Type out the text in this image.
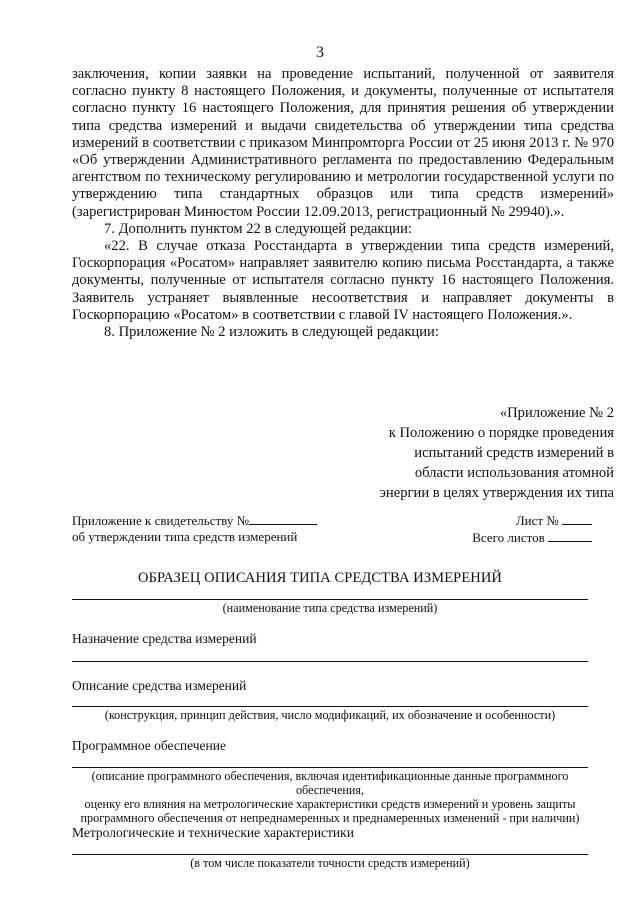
3

заключения, копии заявки на проведение испытаний, полученной от заявителя согласно пункту 8 настоящего Положения, и документы, полученные от испытателя согласно пункту 16 настоящего Положения, для принятия решения об утверждении типа средства измерений и выдачи свидетельства об утверждении типа средства измерений в соответствии с приказом Минпромторга России от 25 июня 2013 г. № 970 «Об утверждении Административного регламента по предоставлению Федеральным агентством по техническому регулированию и метрологии государственной услуги по утверждению типа стандартных образцов или типа средств измерений» (зарегистрирован Минюстом России 12.09.2013, регистрационный № 29940).».

7. Дополнить пунктом 22 в следующей редакции:

«22. В случае отказа Росстандарта в утверждении типа средств измерений, Госкорпорация «Росатом» направляет заявителю копию письма Росстандарта, а также документы, полученные от испытателя согласно пункту 16 настоящего Положения. Заявитель устраняет выявленные несоответствия и направляет документы в Госкорпорацию «Росатом» в соответствии с главой IV настоящего Положения.».

8. Приложение № 2 изложить в следующей редакции:

«Приложение № 2
к Положению о порядке проведения
испытаний средств измерений в
области использования атомной
энергии в целях утверждения их типа
Приложение к свидетельству №
об утверждении типа средств измерений
Лист №
Всего листов
ОБРАЗЕЦ ОПИСАНИЯ ТИПА СРЕДСТВА ИЗМЕРЕНИЙ
(наименование типа средства измерений)
Назначение средства измерений
Описание средства измерений
(конструкция, принцип действия, число модификаций, их обозначение и особенности)
Программное обеспечение
(описание программного обеспечения, включая идентификационные данные программного обеспечения,
оценку его влияния на метрологические характеристики средств измерений и уровень защиты
программного обеспечения от непреднамеренных и преднамеренных изменений - при наличии)
Метрологические и технические характеристики
(в том числе показатели точности средств измерений)
